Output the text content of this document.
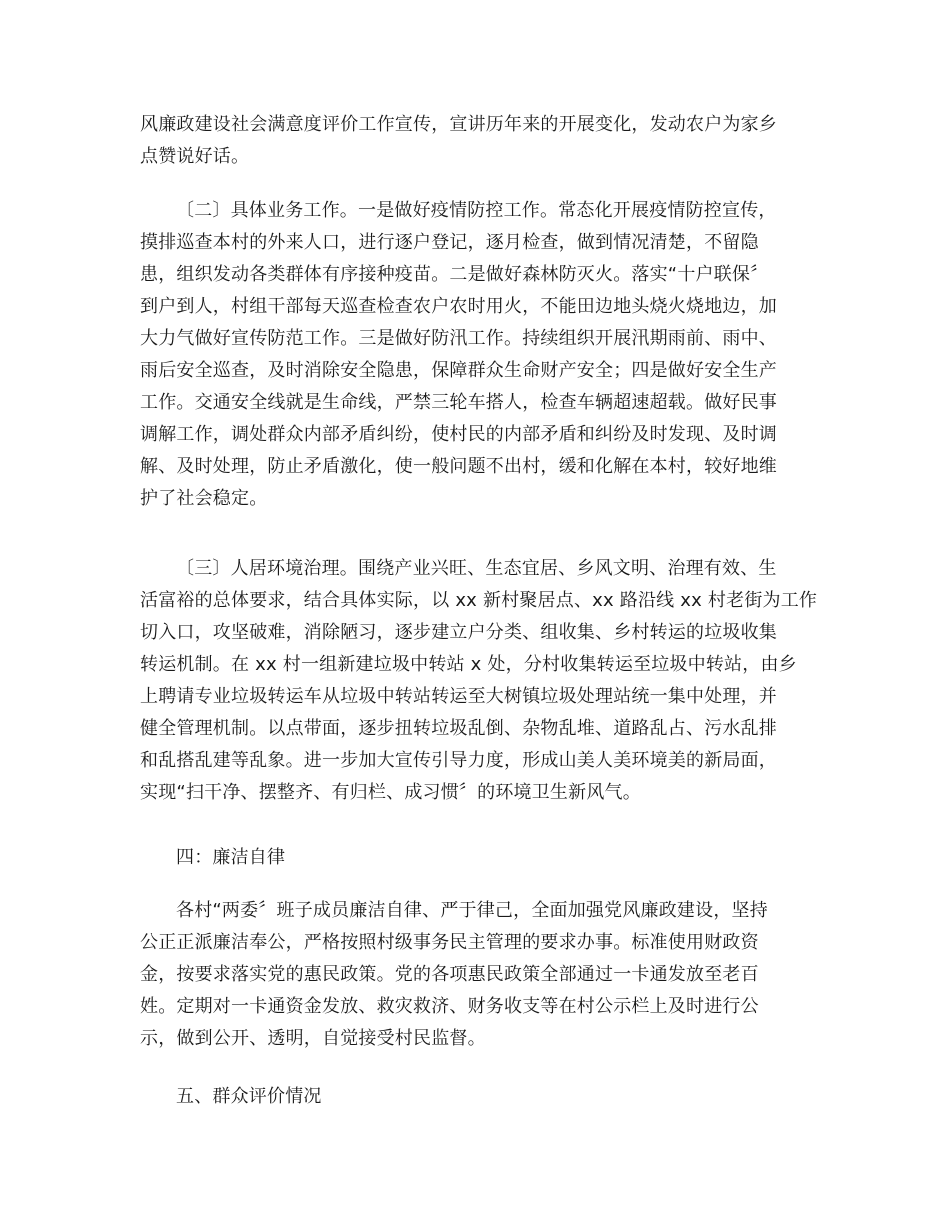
风廉政建设社会满意度评价工作宣传，宣讲历年来的开展变化，发动农户为家乡
点赞说好话。
〔二〕具体业务工作。一是做好疫情防控工作。常态化开展疫情防控宣传，
摸排巡查本村的外来人口，进行逐户登记，逐月检查，做到情况清楚，不留隐
患，组织发动各类群体有序接种疫苗。二是做好森林防灭火。落实“十户联保〞
到户到人，村组干部每天巡查检查农户农时用火，不能田边地头烧火烧地边，加
大力气做好宣传防范工作。三是做好防汛工作。持续组织开展汛期雨前、雨中、
雨后安全巡查，及时消除安全隐患，保障群众生命财产安全；四是做好安全生产
工作。交通安全线就是生命线，严禁三轮车搭人，检查车辆超速超载。做好民事
调解工作，调处群众内部矛盾纠纷，使村民的内部矛盾和纠纷及时发现、及时调
解、及时处理，防止矛盾激化，使一般问题不出村，缓和化解在本村，较好地维
护了社会稳定。
〔三〕人居环境治理。围绕产业兴旺、生态宜居、乡风文明、治理有效、生
活富裕的总体要求，结合具体实际，以 xx 新村聚居点、xx 路沿线 xx 村老街为工作
切入口，攻坚破难，消除陋习，逐步建立户分类、组收集、乡村转运的垃圾收集
转运机制。在 xx 村一组新建垃圾中转站 x 处，分村收集转运至垃圾中转站，由乡
上聘请专业垃圾转运车从垃圾中转站转运至大树镇垃圾处理站统一集中处理，并
健全管理机制。以点带面，逐步扭转垃圾乱倒、杂物乱堆、道路乱占、污水乱排
和乱搭乱建等乱象。进一步加大宣传引导力度，形成山美人美环境美的新局面，
实现“扫干净、摆整齐、有归栏、成习惯〞的环境卫生新风气。
四：廉洁自律
各村“两委〞班子成员廉洁自律、严于律己，全面加强党风廉政建设，坚持
公正正派廉洁奉公，严格按照村级事务民主管理的要求办事。标准使用财政资
金，按要求落实党的惠民政策。党的各项惠民政策全部通过一卡通发放至老百
姓。定期对一卡通资金发放、救灾救济、财务收支等在村公示栏上及时进行公
示，做到公开、透明，自觉接受村民监督。
五、群众评价情况
